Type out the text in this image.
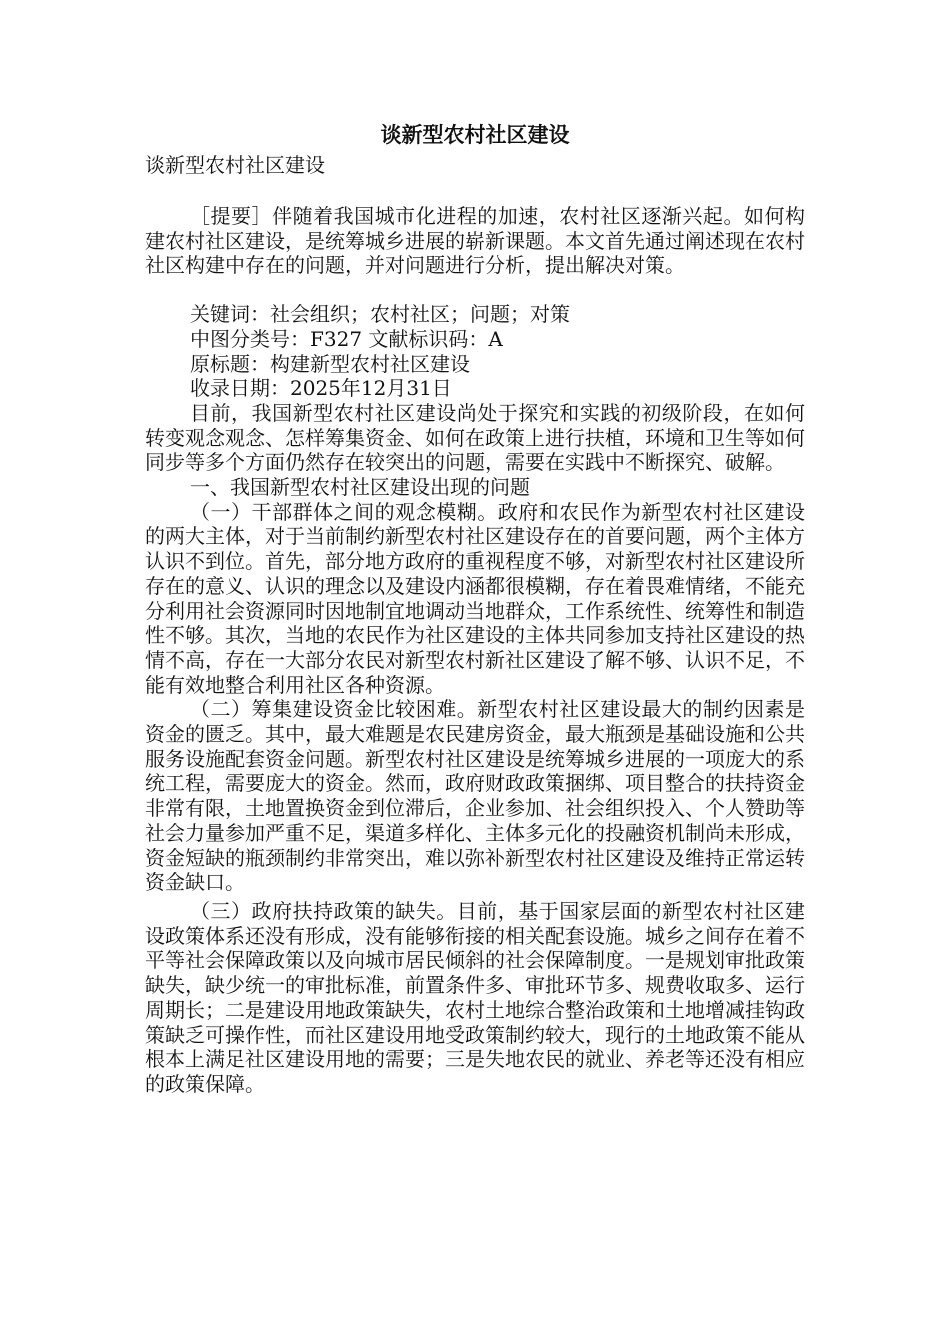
谈新型农村社区建设

谈新型农村社区建设

［提要］伴随着我国城市化进程的加速，农村社区逐渐兴起。如何构建农村社区建设，是统筹城乡进展的崭新课题。本文首先通过阐述现在农村社区构建中存在的问题，并对问题进行分析，提出解决对策。

关键词：社会组织；农村社区；问题；对策

中图分类号：F327 文献标识码：A

原标题：构建新型农村社区建设

收录日期：2025年12月31日

目前，我国新型农村社区建设尚处于探究和实践的初级阶段，在如何转变观念观念、怎样筹集资金、如何在政策上进行扶植，环境和卫生等如何同步等多个方面仍然存在较突出的问题，需要在实践中不断探究、破解。

一、我国新型农村社区建设出现的问题

（一）干部群体之间的观念模糊。政府和农民作为新型农村社区建设的两大主体，对于当前制约新型农村社区建设存在的首要问题，两个主体方认识不到位。首先，部分地方政府的重视程度不够，对新型农村社区建设所存在的意义、认识的理念以及建设内涵都很模糊，存在着畏难情绪，不能充分利用社会资源同时因地制宜地调动当地群众，工作系统性、统筹性和制造性不够。其次，当地的农民作为社区建设的主体共同参加支持社区建设的热情不高，存在一大部分农民对新型农村新社区建设了解不够、认识不足，不能有效地整合利用社区各种资源。

（二）筹集建设资金比较困难。新型农村社区建设最大的制约因素是资金的匮乏。其中，最大难题是农民建房资金，最大瓶颈是基础设施和公共服务设施配套资金问题。新型农村社区建设是统筹城乡进展的一项庞大的系统工程，需要庞大的资金。然而，政府财政政策捆绑、项目整合的扶持资金非常有限，土地置换资金到位滞后，企业参加、社会组织投入、个人赞助等社会力量参加严重不足，渠道多样化、主体多元化的投融资机制尚未形成，资金短缺的瓶颈制约非常突出，难以弥补新型农村社区建设及维持正常运转资金缺口。

（三）政府扶持政策的缺失。目前，基于国家层面的新型农村社区建设政策体系还没有形成，没有能够衔接的相关配套设施。城乡之间存在着不平等社会保障政策以及向城市居民倾斜的社会保障制度。一是规划审批政策缺失，缺少统一的审批标准，前置条件多、审批环节多、规费收取多、运行周期长；二是建设用地政策缺失，农村土地综合整治政策和土地增减挂钩政策缺乏可操作性，而社区建设用地受政策制约较大，现行的土地政策不能从根本上满足社区建设用地的需要；三是失地农民的就业、养老等还没有相应的政策保障。
